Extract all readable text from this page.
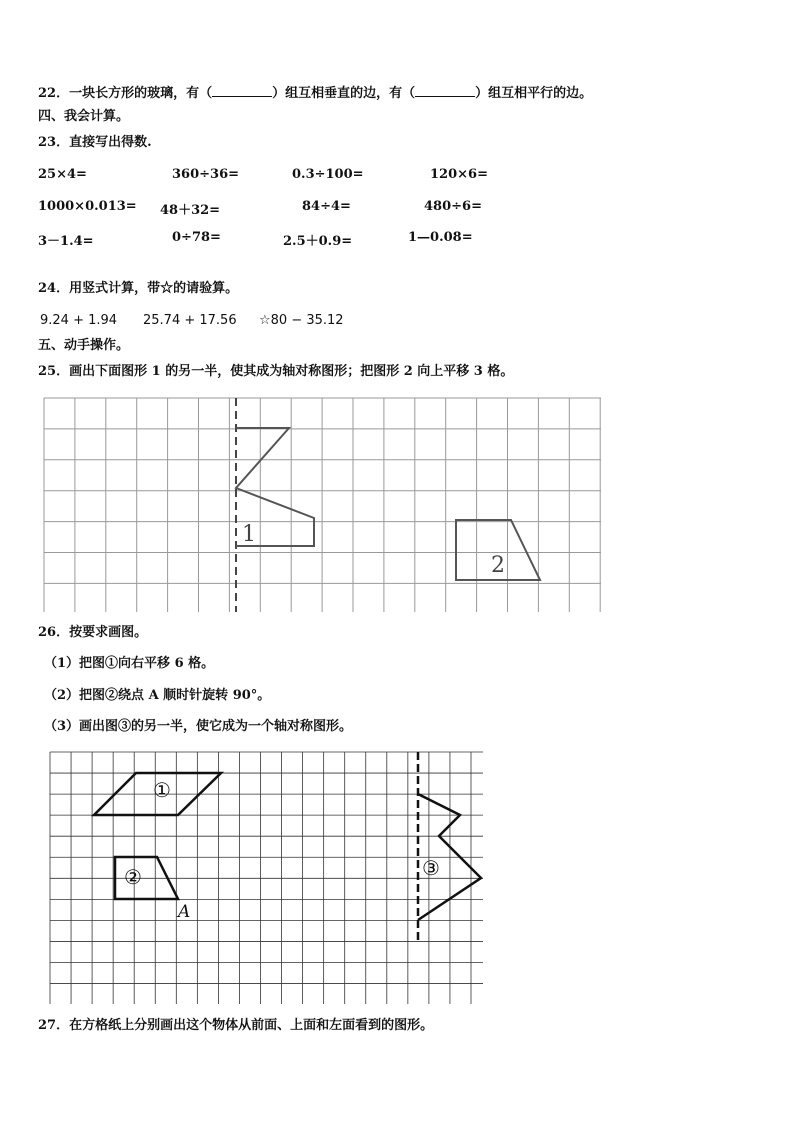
22．一块长方形的玻璃，有（	）组互相垂直的边，有（	）组互相平行的边。
四、我会计算。
23．直接写出得数.
25×4=	360÷36=	0.3÷100=	120×6=
1000×0.013= 48＋32=	84÷4=	480÷6=
3－1.4=	0÷78=	2.5＋0.9=	1—0.08=
24．用竖式计算，带☆的请验算。
9.24 + 1.94 25.74 + 17.56 ☆80 − 35.12
五、动手操作。
25．画出下面图形 1 的另一半，使其成为轴对称图形；把图形 2 向上平移 3 格。
1
2
26．按要求画图。
（1）把图①向右平移 6 格。
（2）把图②绕点 A 顺时针旋转 90°。
（3）画出图③的另一半，使它成为一个轴对称图形。
①
②	③
A
27．在方格纸上分别画出这个物体从前面、上面和左面看到的图形。
